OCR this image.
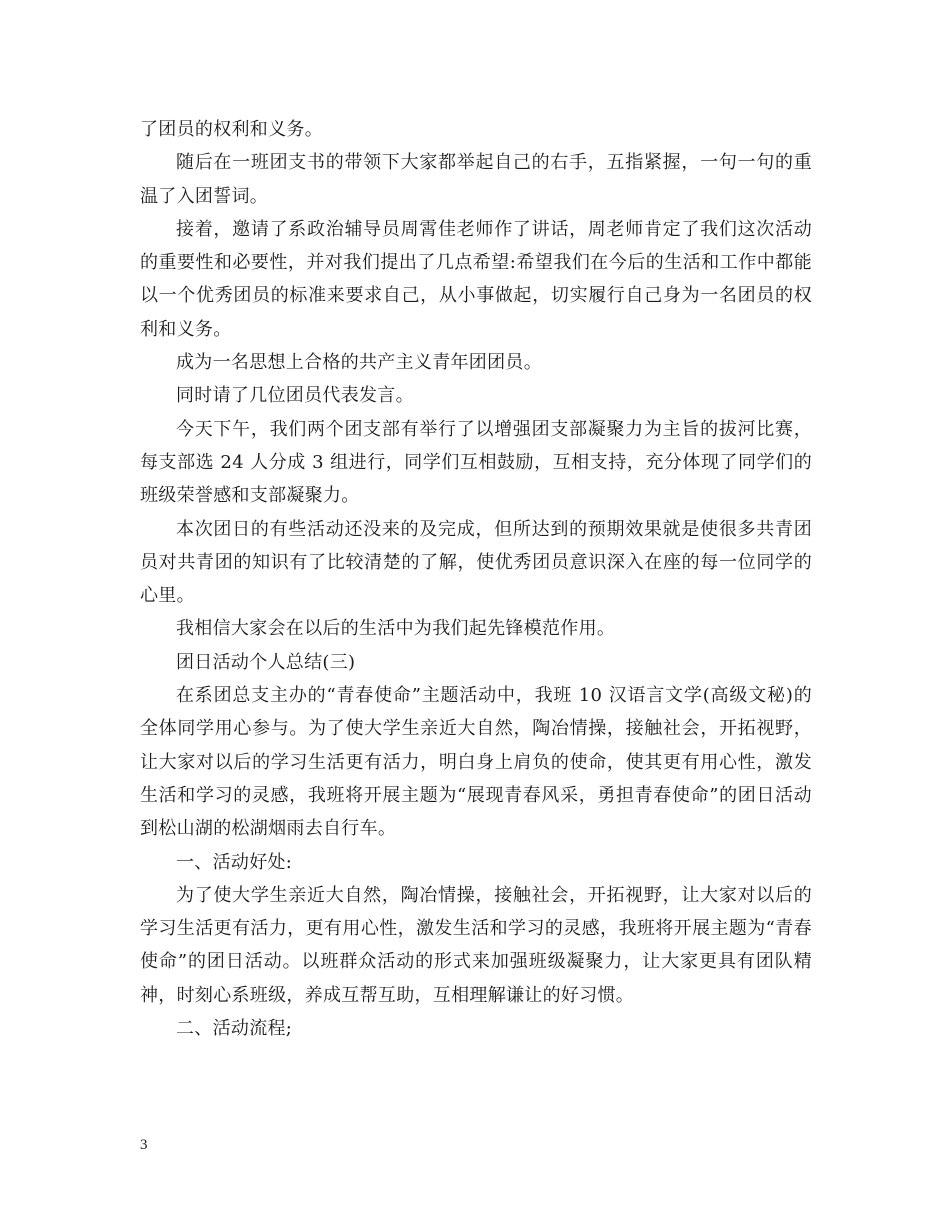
了团员的权利和义务。

随后在一班团支书的带领下大家都举起自己的右手，五指紧握，一句一句的重温了入团誓词。

接着，邀请了系政治辅导员周霄佳老师作了讲话，周老师肯定了我们这次活动的重要性和必要性，并对我们提出了几点希望:希望我们在今后的生活和工作中都能以一个优秀团员的标准来要求自己，从小事做起，切实履行自己身为一名团员的权利和义务。

成为一名思想上合格的共产主义青年团团员。

同时请了几位团员代表发言。

今天下午，我们两个团支部有举行了以增强团支部凝聚力为主旨的拔河比赛，每支部选 24 人分成 3 组进行，同学们互相鼓励，互相支持，充分体现了同学们的班级荣誉感和支部凝聚力。

本次团日的有些活动还没来的及完成，但所达到的预期效果就是使很多共青团员对共青团的知识有了比较清楚的了解，使优秀团员意识深入在座的每一位同学的心里。

我相信大家会在以后的生活中为我们起先锋模范作用。

团日活动个人总结(三)

在系团总支主办的“青春使命”主题活动中，我班 10 汉语言文学(高级文秘)的全体同学用心参与。为了使大学生亲近大自然，陶冶情操，接触社会，开拓视野，让大家对以后的学习生活更有活力，明白身上肩负的使命，使其更有用心性，激发生活和学习的灵感，我班将开展主题为“展现青春风采，勇担青春使命”的团日活动到松山湖的松湖烟雨去自行车。

一、活动好处:

为了使大学生亲近大自然，陶冶情操，接触社会，开拓视野，让大家对以后的学习生活更有活力，更有用心性，激发生活和学习的灵感，我班将开展主题为“青春使命”的团日活动。以班群众活动的形式来加强班级凝聚力，让大家更具有团队精神，时刻心系班级，养成互帮互助，互相理解谦让的好习惯。

二、活动流程;

3
